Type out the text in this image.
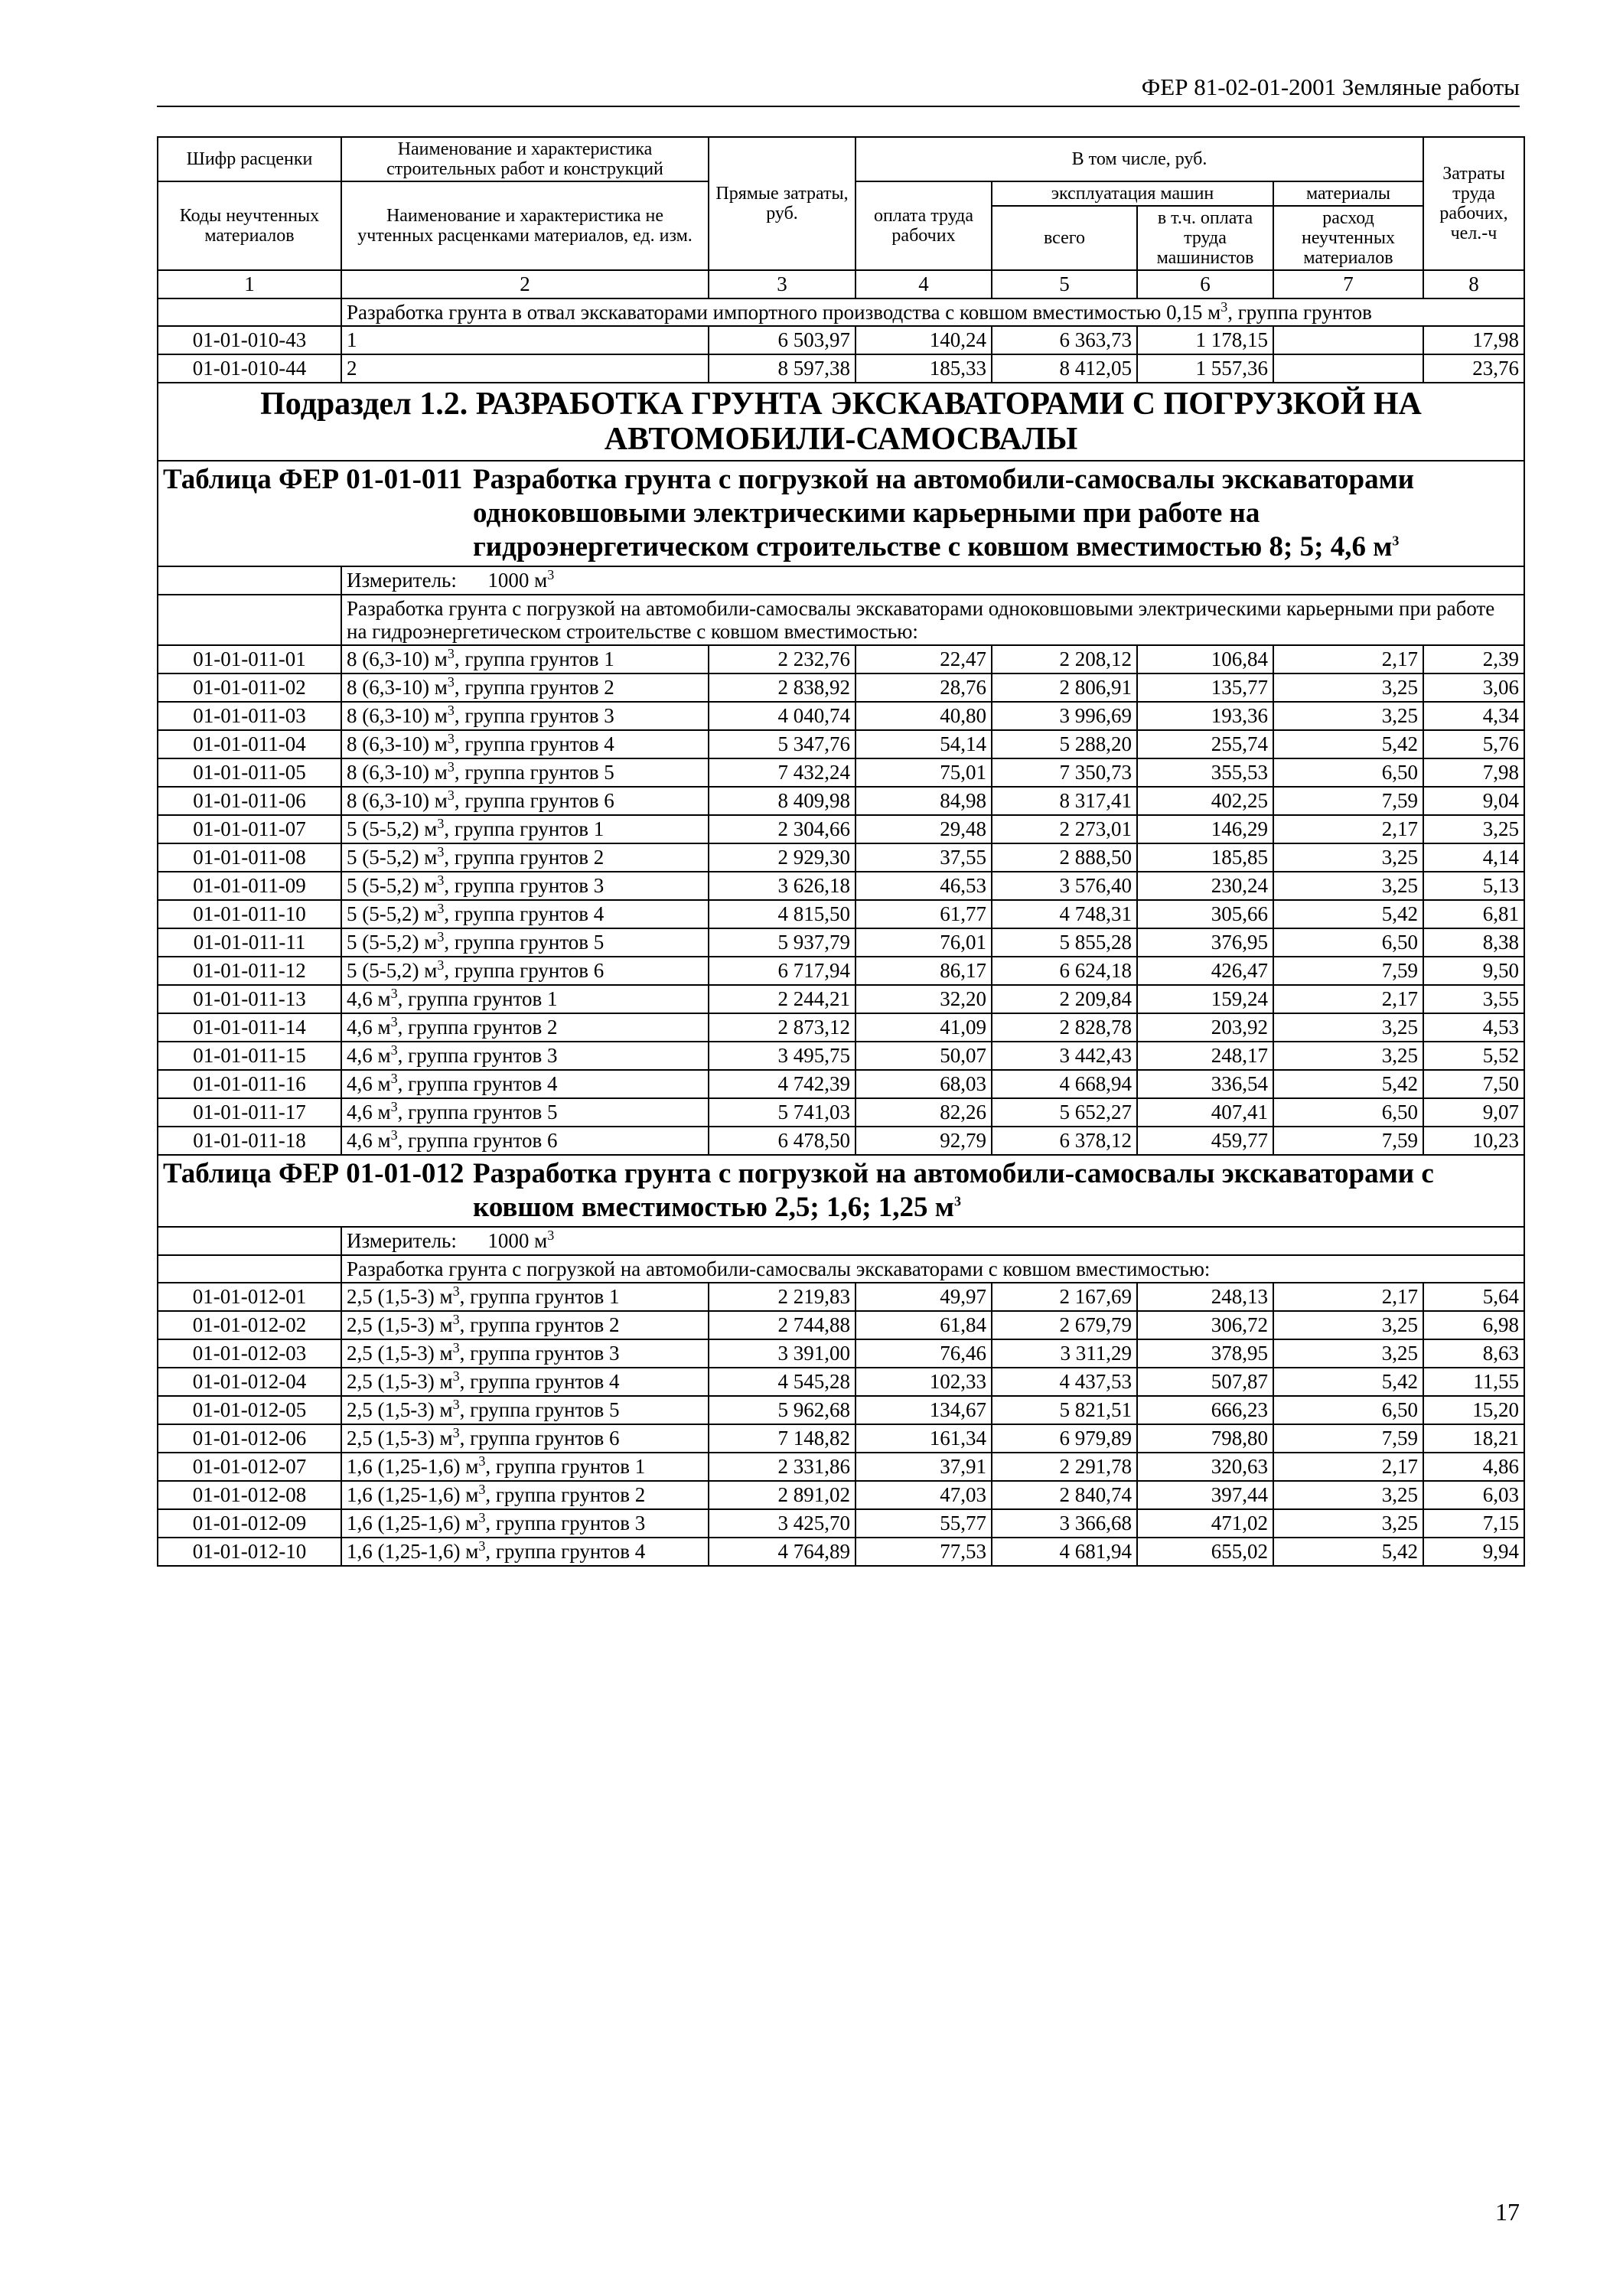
ФЕР 81-02-01-2001 Земляные работы
Шифр расценки	Наименование и характеристика строительных работ и конструкций	Прямые затраты, руб.	В том числе, руб.				Затраты труда рабочих, чел.-ч
Коды неучтенных материалов	Наименование и характеристика не учтенных расценками материалов, ед. изм.		оплата труда рабочих	эксплуатация машин		материалы	
				всего	в т.ч. оплата труда машинистов	расход неучтенных материалов	
1	2	3	4	5	6	7	8
	Разработка грунта в отвал экскаваторами импортного производства с ковшом вместимостью 0,15 $м^3$, группа грунтов						
01-01-010-43	1	6 503,97	140,24	6 363,73	1 178,15		17,98
01-01-010-44	2	8 597,38	185,33	8 412,05	1 557,36		23,76
Подраздел 1.2. РАЗРАБОТКА ГРУНТА ЭКСКАВАТОРАМИ С ПОГРУЗКОЙ НА АВТОМОБИЛИ-САМОСВАЛЫ							
Таблица ФЕР 01-01-011 Разработка грунта с погрузкой на автомобили-самосвалы экскаваторами одноковшовыми электрическими карьерными при работе на гидроэнергетическом строительстве с ковшом вместимостью 8; 5; 4,6 $м^3$

	Измеритель:      1000 $м^3$
	Разработка грунта с погрузкой на автомобили-самосвалы экскаваторами одноковшовыми электрическими карьерными при работе на гидроэнергетическом строительстве с ковшом вместимостью:						
01-01-011-01	8 (6,3-10) $м^3$, группа грунтов 1	2 232,76	22,47	2 208,12	106,84	2,17	2,39
01-01-011-02	8 (6,3-10) $м^3$, группа грунтов 2	2 838,92	28,76	2 806,91	135,77	3,25	3,06
01-01-011-03	8 (6,3-10) $м^3$, группа грунтов 3	4 040,74	40,80	3 996,69	193,36	3,25	4,34
01-01-011-04	8 (6,3-10) $м^3$, группа грунтов 4	5 347,76	54,14	5 288,20	255,74	5,42	5,76
01-01-011-05	8 (6,3-10) $м^3$, группа грунтов 5	7 432,24	75,01	7 350,73	355,53	6,50	7,98
01-01-011-06	8 (6,3-10) $м^3$, группа грунтов 6	8 409,98	84,98	8 317,41	402,25	7,59	9,04
01-01-011-07	5 (5-5,2) $м^3$, группа грунтов 1	2 304,66	29,48	2 273,01	146,29	2,17	3,25
01-01-011-08	5 (5-5,2) $м^3$, группа грунтов 2	2 929,30	37,55	2 888,50	185,85	3,25	4,14
01-01-011-09	5 (5-5,2) $м^3$, группа грунтов 3	3 626,18	46,53	3 576,40	230,24	3,25	5,13
01-01-011-10	5 (5-5,2) $м^3$, группа грунтов 4	4 815,50	61,77	4 748,31	305,66	5,42	6,81
01-01-011-11	5 (5-5,2) $м^3$, группа грунтов 5	5 937,79	76,01	5 855,28	376,95	6,50	8,38
01-01-011-12	5 (5-5,2) $м^3$, группа грунтов 6	6 717,94	86,17	6 624,18	426,47	7,59	9,50
01-01-011-13	4,6 $м^3$, группа грунтов 1	2 244,21	32,20	2 209,84	159,24	2,17	3,55
01-01-011-14	4,6 $м^3$, группа грунтов 2	2 873,12	41,09	2 828,78	203,92	3,25	4,53
01-01-011-15	4,6 $м^3$, группа грунтов 3	3 495,75	50,07	3 442,43	248,17	3,25	5,52
01-01-011-16	4,6 $м^3$, группа грунтов 4	4 742,39	68,03	4 668,94	336,54	5,42	7,50
01-01-011-17	4,6 $м^3$, группа грунтов 5	5 741,03	82,26	5 652,27	407,41	6,50	9,07
01-01-011-18	4,6 $м^3$, группа грунтов 6	6 478,50	92,79	6 378,12	459,77	7,59	10,23
Таблица ФЕР 01-01-012 Разработка грунта с погрузкой на автомобили-самосвалы экскаваторами с ковшом вместимостью 2,5; 1,6; 1,25 $м^3$

	Измеритель:      1000 $м^3$
	Разработка грунта с погрузкой на автомобили-самосвалы экскаваторами с ковшом вместимостью:						
01-01-012-01	2,5 (1,5-3) $м^3$, группа грунтов 1	2 219,83	49,97	2 167,69	248,13	2,17	5,64
01-01-012-02	2,5 (1,5-3) $м^3$, группа грунтов 2	2 744,88	61,84	2 679,79	306,72	3,25	6,98
01-01-012-03	2,5 (1,5-3) $м^3$, группа грунтов 3	3 391,00	76,46	3 311,29	378,95	3,25	8,63
01-01-012-04	2,5 (1,5-3) $м^3$, группа грунтов 4	4 545,28	102,33	4 437,53	507,87	5,42	11,55
01-01-012-05	2,5 (1,5-3) $м^3$, группа грунтов 5	5 962,68	134,67	5 821,51	666,23	6,50	15,20
01-01-012-06	2,5 (1,5-3) $м^3$, группа грунтов 6	7 148,82	161,34	6 979,89	798,80	7,59	18,21
01-01-012-07	1,6 (1,25-1,6) $м^3$, группа грунтов 1	2 331,86	37,91	2 291,78	320,63	2,17	4,86
01-01-012-08	1,6 (1,25-1,6) $м^3$, группа грунтов 2	2 891,02	47,03	2 840,74	397,44	3,25	6,03
01-01-012-09	1,6 (1,25-1,6) $м^3$, группа грунтов 3	3 425,70	55,77	3 366,68	471,02	3,25	7,15
01-01-012-10	1,6 (1,25-1,6) $м^3$, группа грунтов 4	4 764,89	77,53	4 681,94	655,02	5,42	9,94
17
